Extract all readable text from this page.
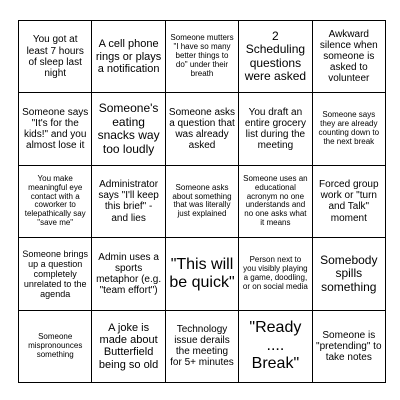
You got at least 7 hours of sleep last night
A cell phone rings or plays a notification
Someone mutters "I have so many better things to do" under their breath
2 Scheduling questions were asked
Awkward silence when someone is asked to volunteer
Someone says "It's for the kids!" and you almost lose it
Someone's eating snacks way too loudly
Someone asks a question that was already asked
You draft an entire grocery list during the meeting
Someone says they are already counting down to the next break
You make meaningful eye contact with a coworker to telepathically say "save me"
Administrator says "I'll keep this brief" - and lies
Someone asks about something that was literally just explained
Someone uses an educational acronym no one understands and no one asks what it means
Forced group work or "turn and Talk" moment
Someone brings up a question completely unrelated to the agenda
Admin uses a sports metaphor (e.g. "team effort")
"This will be quick"
Person next to you visibly playing a game, doodling, or on social media
Somebody spills something
Someone mispronounces something
A joke is made about Butterfield being so old
Technology issue derails the meeting for 5+ minutes
"Ready .... Break"
Someone is "pretending" to take notes
